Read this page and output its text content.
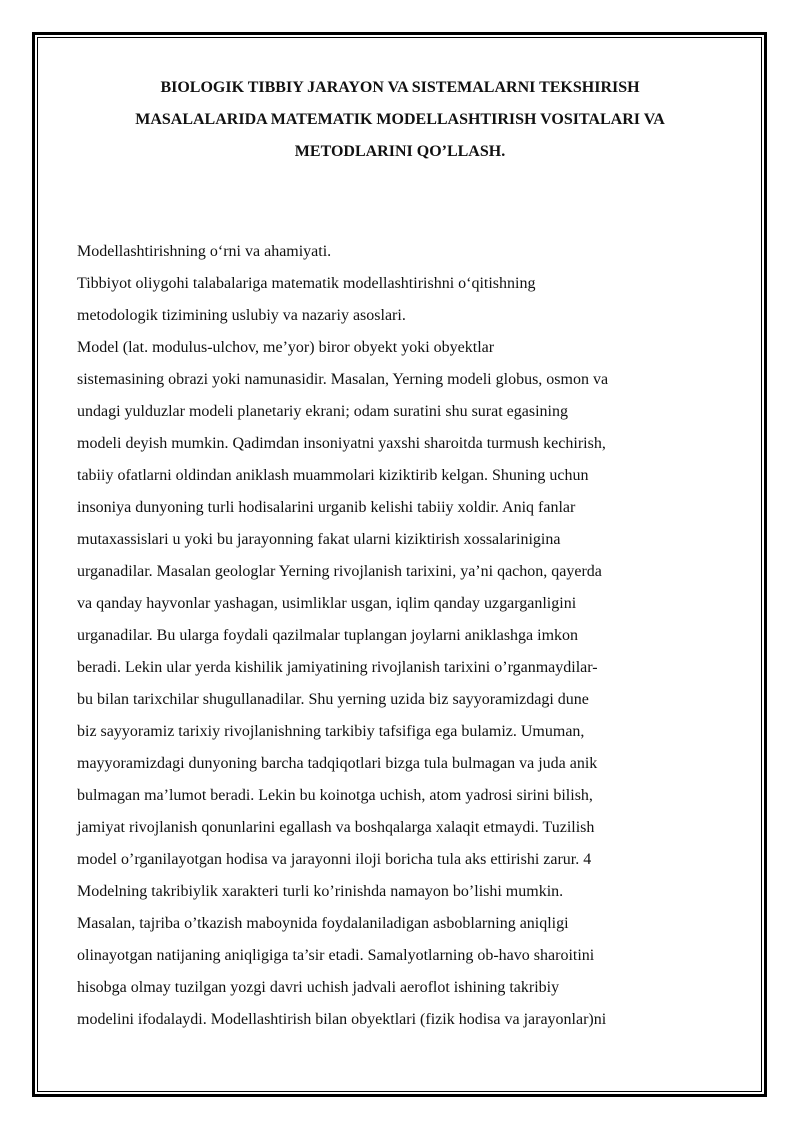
BIOLOGIK TIBBIY JARAYON VA SISTEMALARNI TEKSHIRISH
MASALALARIDA MATEMATIK MODELLASHTIRISH VOSITALARI VA
METODLARINI QO’LLASH.
Modellashtirishning o‘rni va ahamiyati.
Tibbiyot oliygohi talabalariga matematik modellashtirishni o‘qitishning
metodologik tizimining uslubiy va nazariy asoslari.
Model (lat. modulus-ulchov, me’yor) biror obyekt yoki obyektlar
sistemasining obrazi yoki namunasidir. Masalan, Yerning modeli globus, osmon va
undagi yulduzlar modeli planetariy ekrani; odam suratini shu surat egasining
modeli deyish mumkin. Qadimdan insoniyatni yaxshi sharoitda turmush kechirish,
tabiiy ofatlarni oldindan aniklash muammolari kiziktirib kelgan. Shuning uchun
insoniya dunyoning turli hodisalarini urganib kelishi tabiiy xoldir. Aniq fanlar
mutaxassislari u yoki bu jarayonning fakat ularni kiziktirish xossalarinigina
urganadilar. Masalan geologlar Yerning rivojlanish tarixini, ya’ni qachon, qayerda
va qanday hayvonlar yashagan, usimliklar usgan, iqlim qanday uzgarganligini
urganadilar. Bu ularga foydali qazilmalar tuplangan joylarni aniklashga imkon
beradi. Lekin ular yerda kishilik jamiyatining rivojlanish tarixini o’rganmaydilar-
bu bilan tarixchilar shugullanadilar. Shu yerning uzida biz sayyoramizdagi dune
biz sayyoramiz tarixiy rivojlanishning tarkibiy tafsifiga ega bulamiz. Umuman,
mayyoramizdagi dunyoning barcha tadqiqotlari bizga tula bulmagan va juda anik
bulmagan ma’lumot beradi. Lekin bu koinotga uchish, atom yadrosi sirini bilish,
jamiyat rivojlanish qonunlarini egallash va boshqalarga xalaqit etmaydi. Tuzilish
model o’rganilayotgan hodisa va jarayonni iloji boricha tula aks ettirishi zarur. 4
Modelning takribiylik xarakteri turli ko’rinishda namayon bo’lishi mumkin.
Masalan, tajriba o’tkazish maboynida foydalaniladigan asboblarning aniqligi
olinayotgan natijaning aniqligiga ta’sir etadi. Samalyotlarning ob-havo sharoitini
hisobga olmay tuzilgan yozgi davri uchish jadvali aeroflot ishining takribiy
modelini ifodalaydi. Modellashtirish bilan obyektlari (fizik hodisa va jarayonlar)ni
